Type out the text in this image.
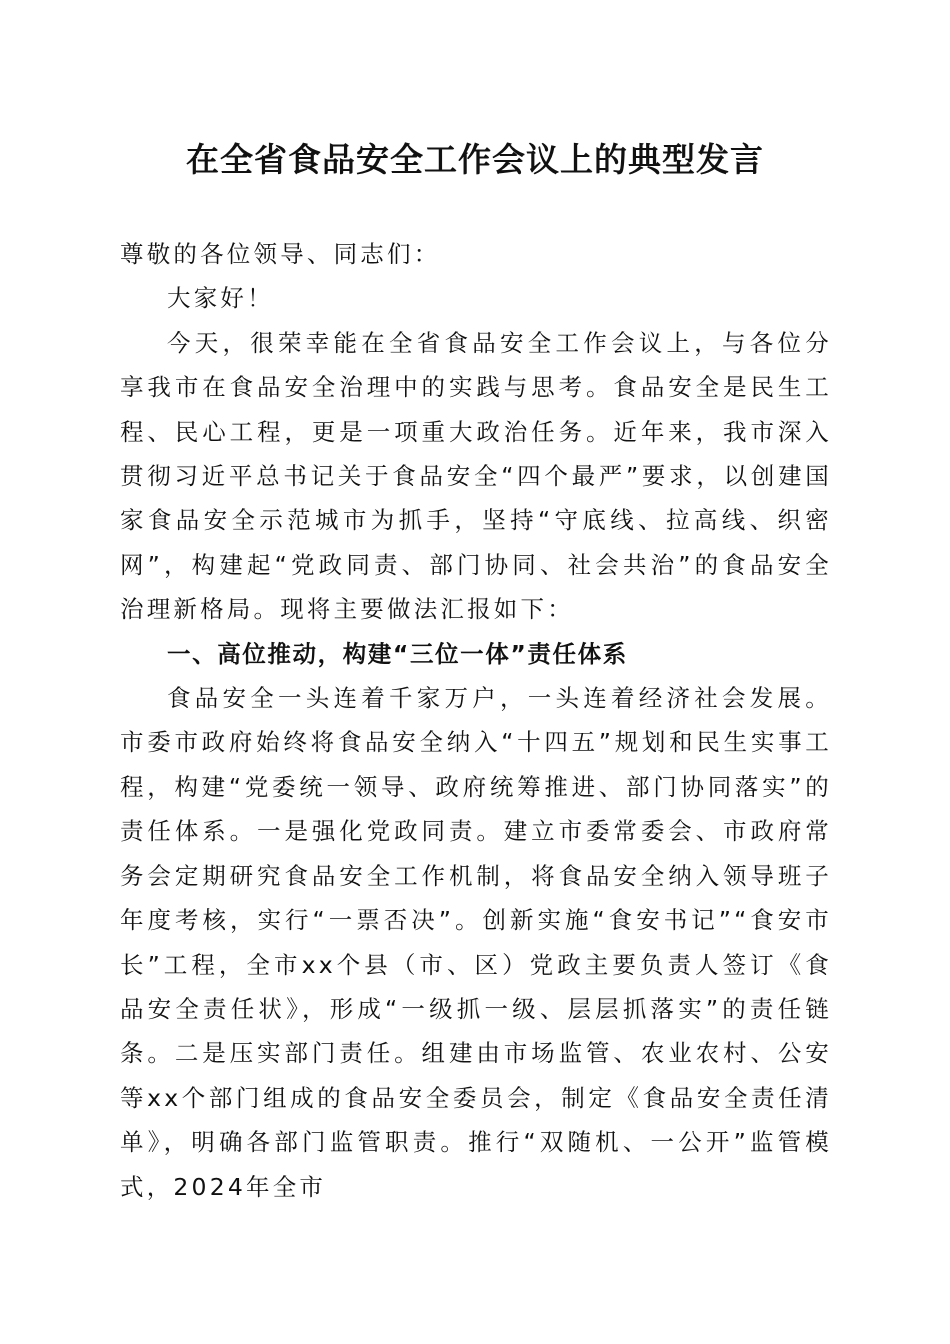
在全省食品安全工作会议上的典型发言

尊敬的各位领导、同志们：

大家好！

今天，很荣幸能在全省食品安全工作会议上，与各位分享我市在食品安全治理中的实践与思考。食品安全是民生工程、民心工程，更是一项重大政治任务。近年来，我市深入贯彻习近平总书记关于食品安全“四个最严”要求，以创建国家食品安全示范城市为抓手，坚持“守底线、拉高线、织密网”，构建起“党政同责、部门协同、社会共治”的食品安全治理新格局。现将主要做法汇报如下：

一、高位推动，构建“三位一体”责任体系

食品安全一头连着千家万户，一头连着经济社会发展。市委市政府始终将食品安全纳入“十四五”规划和民生实事工程，构建“党委统一领导、政府统筹推进、部门协同落实”的责任体系。一是强化党政同责。建立市委常委会、市政府常务会定期研究食品安全工作机制，将食品安全纳入领导班子年度考核，实行“一票否决”。创新实施“食安书记”“食安市长”工程，全市xx个县（市、区）党政主要负责人签订《食品安全责任状》，形成“一级抓一级、层层抓落实”的责任链条。二是压实部门责任。组建由市场监管、农业农村、公安等xx个部门组成的食品安全委员会，制定《食品安全责任清单》，明确各部门监管职责。推行“双随机、一公开”监管模式，2024年全市
